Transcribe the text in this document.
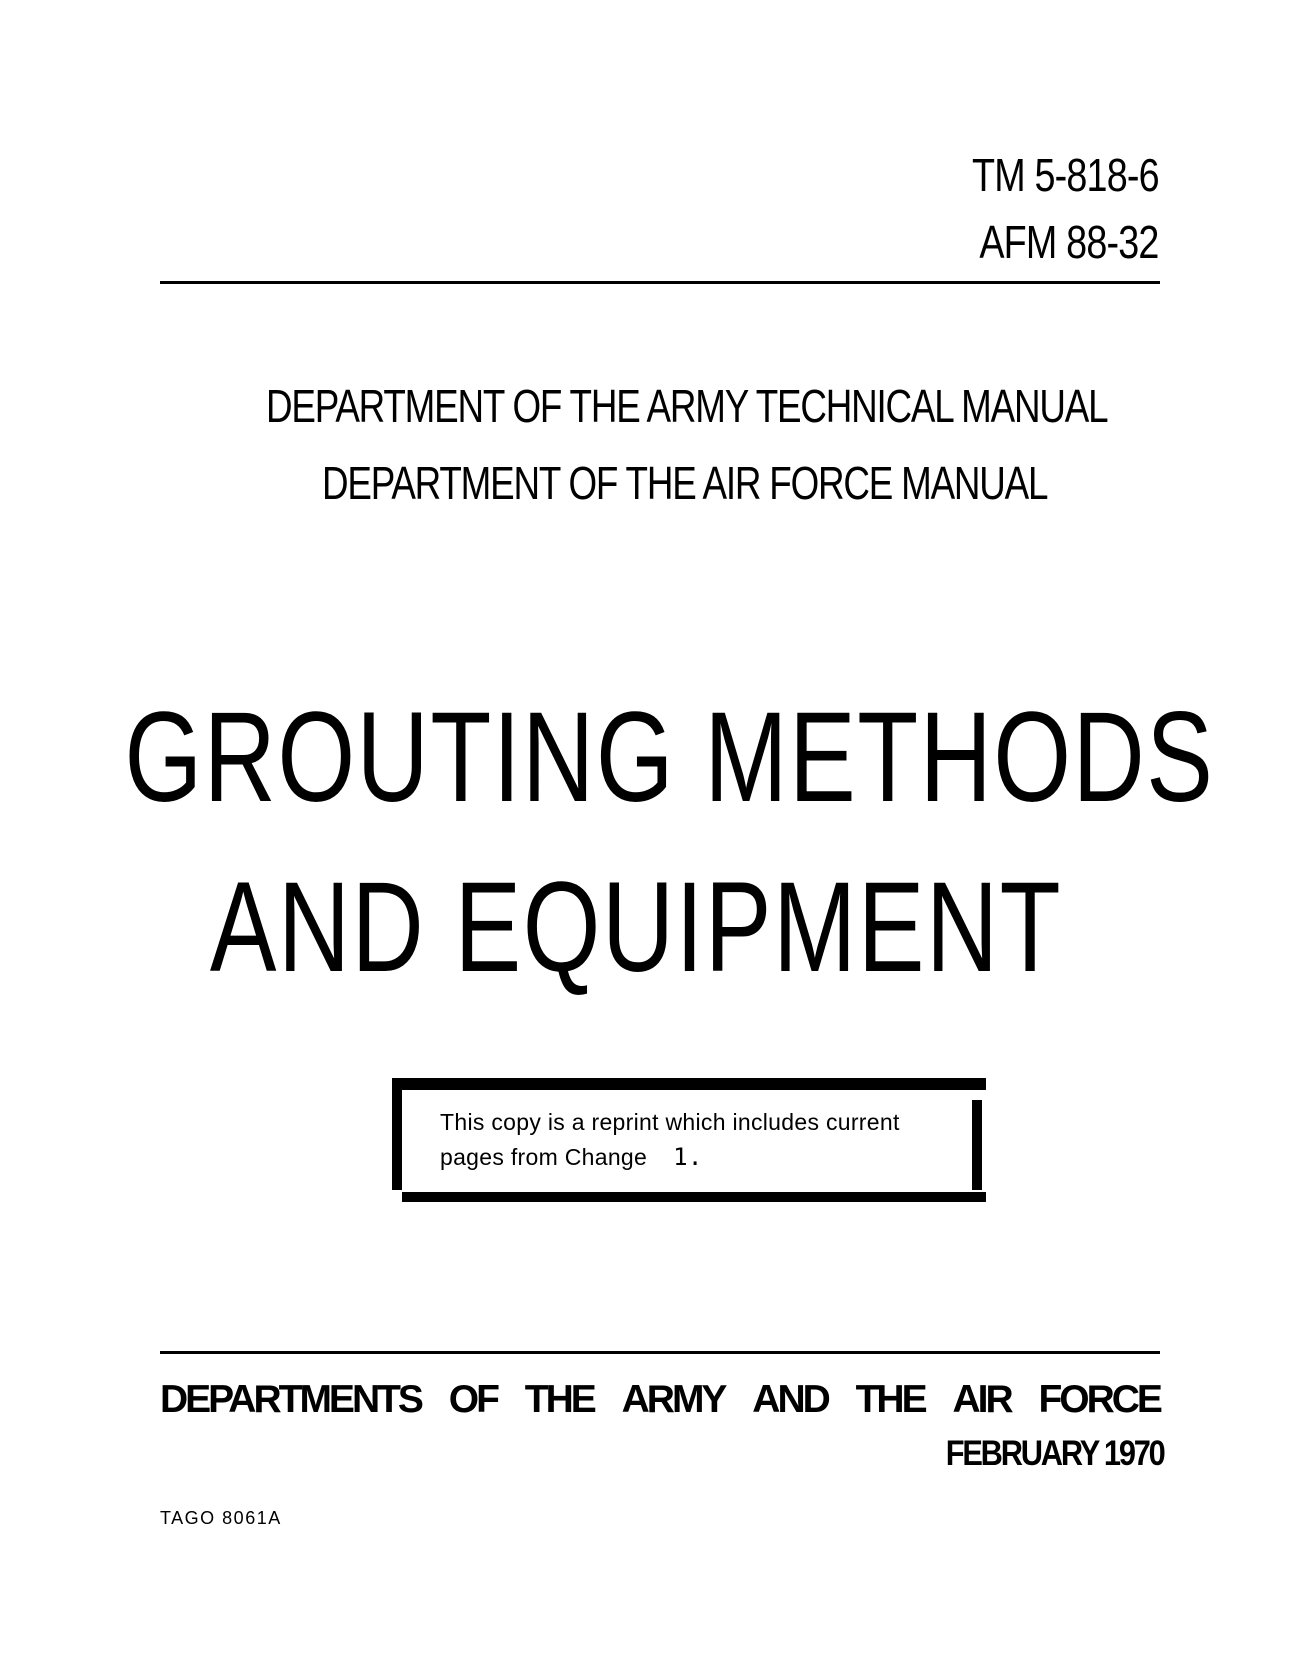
TM 5-818-6
AFM 88-32
DEPARTMENT OF THE ARMY TECHNICAL MANUAL
DEPARTMENT OF THE AIR FORCE MANUAL
GROUTING METHODS
AND EQUIPMENT
This copy is a reprint which includes current
pages from Change 1.
DEPARTMENTS OF THE ARMY AND THE AIR FORCE
FEBRUARY 1970
TAGO 8061A
